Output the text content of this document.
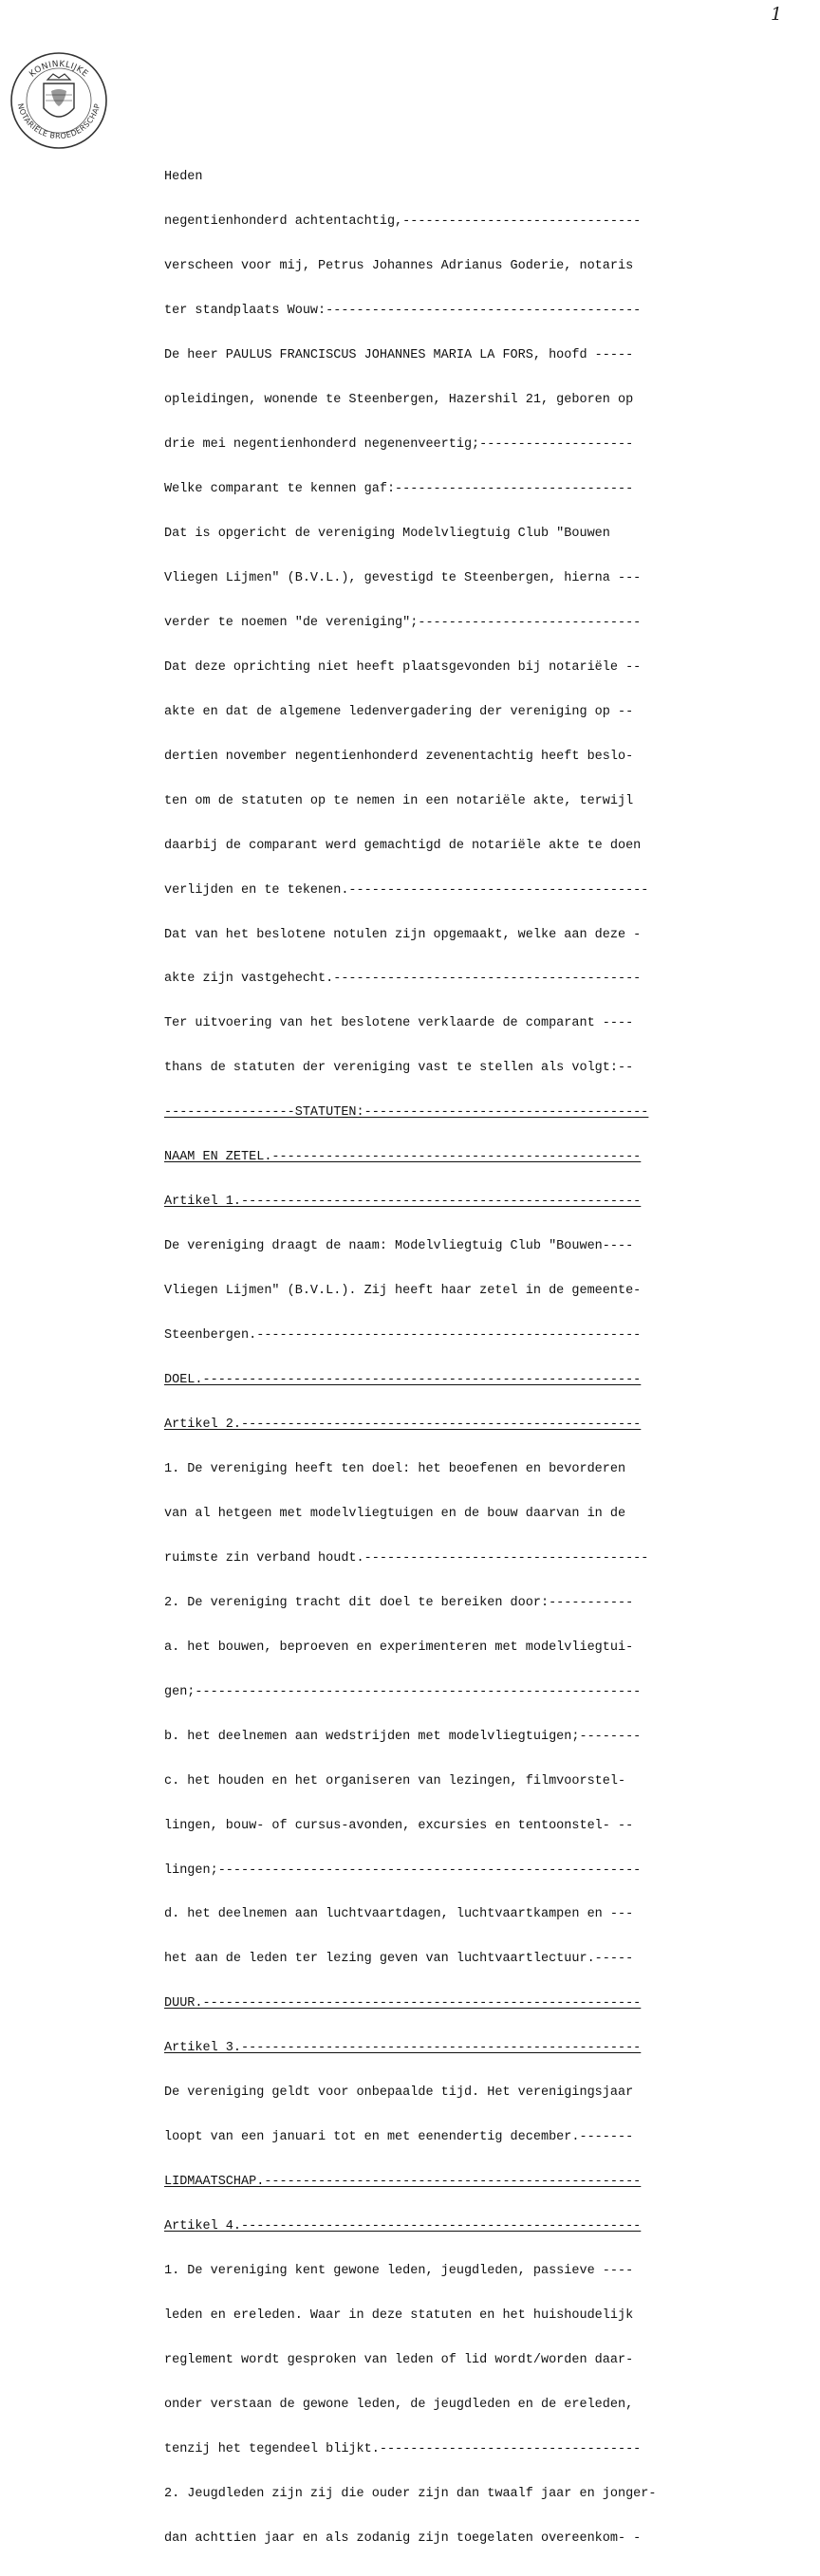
1
KONINKLIJKE
NOTARIËLE BROEDERSCHAP

Heden

negentienhonderd achtentachtig,-------------------------------

verscheen voor mij, Petrus Johannes Adrianus Goderie, notaris

ter standplaats Wouw:-----------------------------------------

De heer PAULUS FRANCISCUS JOHANNES MARIA LA FORS, hoofd -----

opleidingen, wonende te Steenbergen, Hazershil 21, geboren op

drie mei negentienhonderd negenenveertig;--------------------

Welke comparant te kennen gaf:-------------------------------

Dat is opgericht de vereniging Modelvliegtuig Club "Bouwen

Vliegen Lijmen" (B.V.L.), gevestigd te Steenbergen, hierna ---

verder te noemen "de vereniging";-----------------------------

Dat deze oprichting niet heeft plaatsgevonden bij notariële --

akte en dat de algemene ledenvergadering der vereniging op --

dertien november negentienhonderd zevenentachtig heeft beslo-

ten om de statuten op te nemen in een notariële akte, terwijl

daarbij de comparant werd gemachtigd de notariële akte te doen

verlijden en te tekenen.---------------------------------------

Dat van het beslotene notulen zijn opgemaakt, welke aan deze -

akte zijn vastgehecht.----------------------------------------

Ter uitvoering van het beslotene verklaarde de comparant ----

thans de statuten der vereniging vast te stellen als volgt:--

-----------------STATUTEN:-------------------------------------

NAAM EN ZETEL.------------------------------------------------

Artikel 1.----------------------------------------------------

De vereniging draagt de naam: Modelvliegtuig Club "Bouwen----

Vliegen Lijmen" (B.V.L.). Zij heeft haar zetel in de gemeente-

Steenbergen.--------------------------------------------------

DOEL.---------------------------------------------------------

Artikel 2.----------------------------------------------------

1. De vereniging heeft ten doel: het beoefenen en bevorderen

van al hetgeen met modelvliegtuigen en de bouw daarvan in de

ruimste zin verband houdt.-------------------------------------

2. De vereniging tracht dit doel te bereiken door:-----------

a. het bouwen, beproeven en experimenteren met modelvliegtui-

gen;----------------------------------------------------------

b. het deelnemen aan wedstrijden met modelvliegtuigen;--------

c. het houden en het organiseren van lezingen, filmvoorstel-

lingen, bouw- of cursus-avonden, excursies en tentoonstel- --

lingen;-------------------------------------------------------

d. het deelnemen aan luchtvaartdagen, luchtvaartkampen en ---

het aan de leden ter lezing geven van luchtvaartlectuur.-----

DUUR.---------------------------------------------------------

Artikel 3.----------------------------------------------------

De vereniging geldt voor onbepaalde tijd. Het verenigingsjaar

loopt van een januari tot en met eenendertig december.-------

LIDMAATSCHAP.-------------------------------------------------

Artikel 4.----------------------------------------------------

1. De vereniging kent gewone leden, jeugdleden, passieve ----

leden en ereleden. Waar in deze statuten en het huishoudelijk

reglement wordt gesproken van leden of lid wordt/worden daar-

onder verstaan de gewone leden, de jeugdleden en de ereleden,

tenzij het tegendeel blijkt.----------------------------------

2. Jeugdleden zijn zij die ouder zijn dan twaalf jaar en jonger-

dan achttien jaar en als zodanig zijn toegelaten overeenkom- -
